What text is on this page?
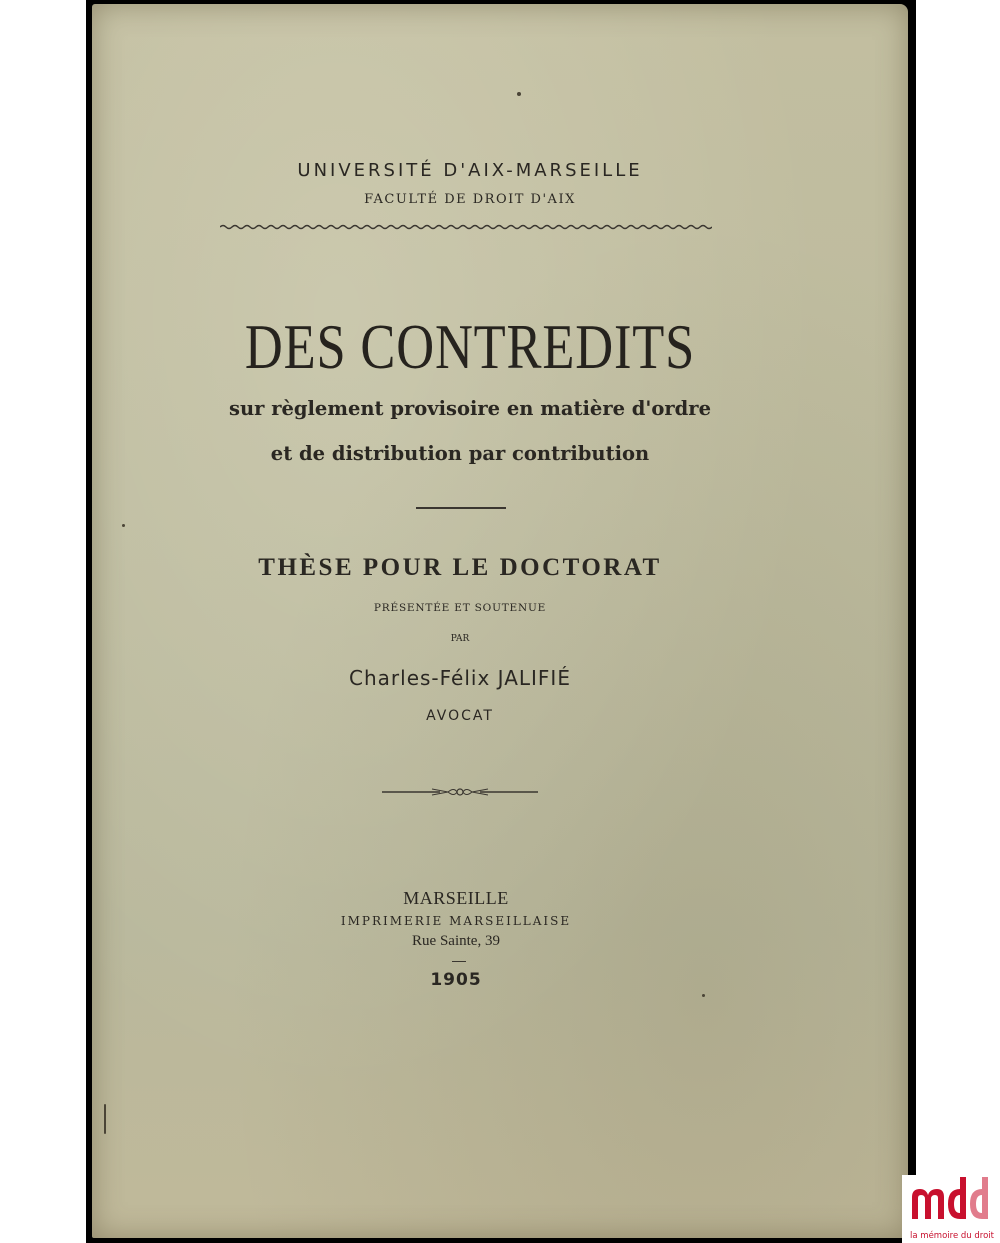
UNIVERSITÉ D'AIX-MARSEILLE

FACULTÉ DE DROIT D'AIX

DES CONTREDITS

sur règlement provisoire en matière d'ordre

et de distribution par contribution

THÈSE POUR LE DOCTORAT

PRÉSENTÉE ET SOUTENUE

PAR

Charles-Félix JALIFIÉ

AVOCAT

MARSEILLE

IMPRIMERIE MARSEILLAISE

Rue Sainte, 39

1905

la mémoire du droit
